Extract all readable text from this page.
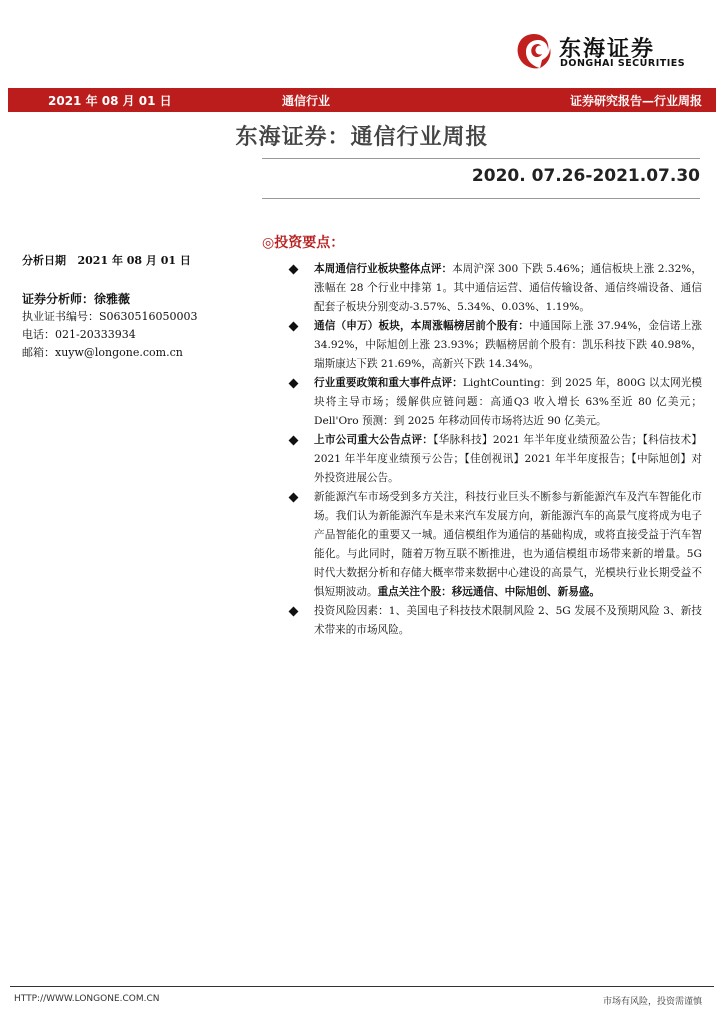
东海证券
DONGHAI SECURITIES
2021 年 08 月 01 日	通信行业	证券研究报告—行业周报
东海证券：通信行业周报
2020. 07.26-2021.07.30
分析日期 2021 年 08 月 01 日
证券分析师：徐雅薇
执业证书编号：S0630516050003
电话：021-20333934
邮箱：xuyw@longone.com.cn
◎投资要点：
本周通信行业板块整体点评：本周沪深 300 下跌 5.46%；通信板块上涨 2.32%，涨幅在 28 个行业中排第 1。其中通信运营、通信传输设备、通信终端设备、通信配套子板块分别变动-3.57%、5.34%、0.03%、1.19%。
通信（申万）板块，本周涨幅榜居前个股有：中通国际上涨 37.94%，金信诺上涨 34.92%，中际旭创上涨 23.93%；跌幅榜居前个股有：凯乐科技下跌 40.98%，瑞斯康达下跌 21.69%，高新兴下跌 14.34%。
行业重要政策和重大事件点评：LightCounting：到 2025 年，800G 以太网光模块将主导市场；缓解供应链问题：高通Q3 收入增长 63%至近 80 亿美元；Dell'Oro 预测：到 2025 年移动回传市场将达近 90 亿美元。
上市公司重大公告点评：【华脉科技】2021 年半年度业绩预盈公告；【科信技术】2021 年半年度业绩预亏公告；【佳创视讯】2021 年半年度报告；【中际旭创】对外投资进展公告。
新能源汽车市场受到多方关注，科技行业巨头不断参与新能源汽车及汽车智能化市场。我们认为新能源汽车是未来汽车发展方向，新能源汽车的高景气度将成为电子产品智能化的重要又一城。通信模组作为通信的基础构成，或将直接受益于汽车智能化。与此同时，随着万物互联不断推进，也为通信模组市场带来新的增量。5G 时代大数据分析和存储大概率带来数据中心建设的高景气，光模块行业长期受益不惧短期波动。重点关注个股：移远通信、中际旭创、新易盛。
投资风险因素：1、美国电子科技技术限制风险 2、5G 发展不及预期风险 3、新技术带来的市场风险。
HTTP://WWW.LONGONE.COM.CN	市场有风险，投资需谨慎
